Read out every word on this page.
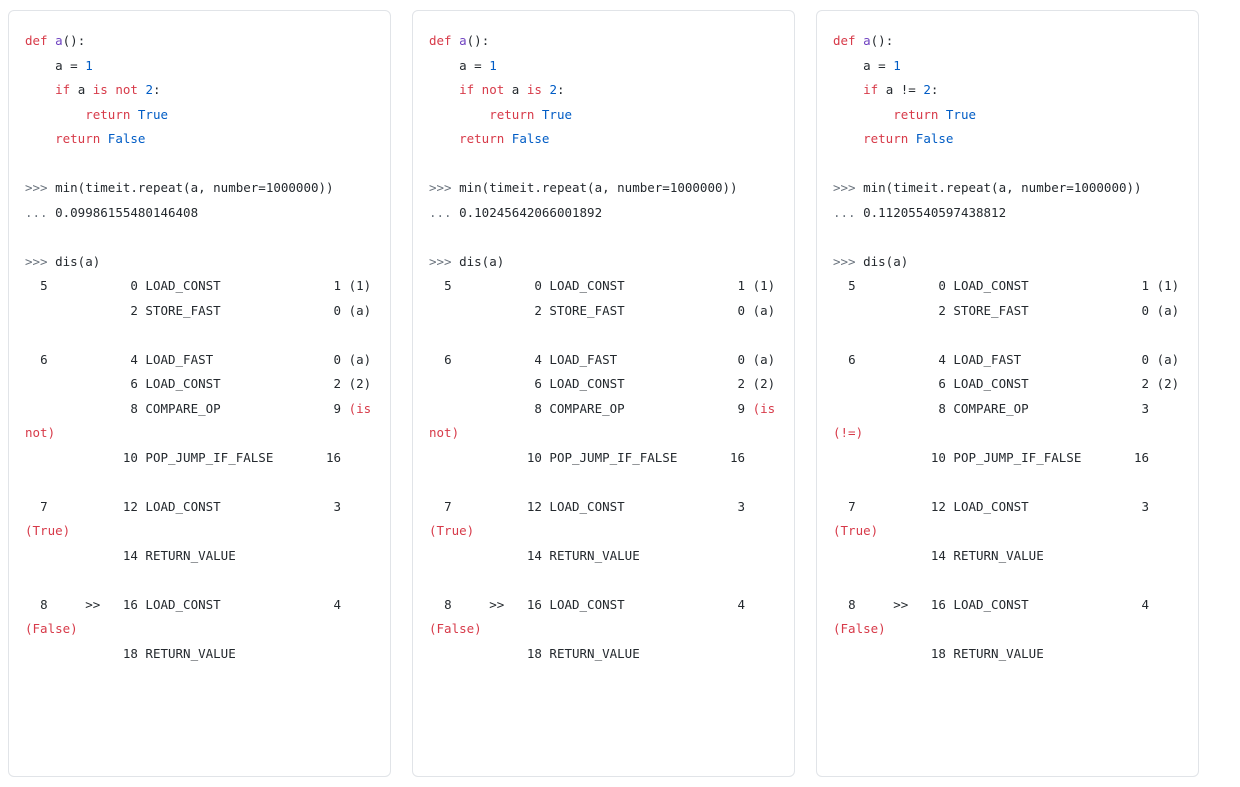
def a():
a = 1
if a is not 2:
return True
return False

>>> min(timeit.repeat(a, number=1000000))
... 0.09986155480146408

>>> dis(a)
5           0 LOAD_CONST               1 (1)
2 STORE_FAST               0 (a)

6           4 LOAD_FAST                0 (a)
6 LOAD_CONST               2 (2)
8 COMPARE_OP               9 (is not)
10 POP_JUMP_IF_FALSE       16

7          12 LOAD_CONST               3 (True)
14 RETURN_VALUE

8     >>   16 LOAD_CONST               4 (False)
18 RETURN_VALUE
def a():
a = 1
if not a is 2:
return True
return False

>>> min(timeit.repeat(a, number=1000000))
... 0.10245642066001892

>>> dis(a)
5           0 LOAD_CONST               1 (1)
2 STORE_FAST               0 (a)

6           4 LOAD_FAST                0 (a)
6 LOAD_CONST               2 (2)
8 COMPARE_OP               9 (is not)
10 POP_JUMP_IF_FALSE       16

7          12 LOAD_CONST               3 (True)
14 RETURN_VALUE

8     >>   16 LOAD_CONST               4 (False)
18 RETURN_VALUE
def a():
a = 1
if a != 2:
return True
return False

>>> min(timeit.repeat(a, number=1000000))
... 0.11205540597438812

>>> dis(a)
5           0 LOAD_CONST               1 (1)
2 STORE_FAST               0 (a)

6           4 LOAD_FAST                0 (a)
6 LOAD_CONST               2 (2)
8 COMPARE_OP               3 (!=)
10 POP_JUMP_IF_FALSE       16

7          12 LOAD_CONST               3 (True)
14 RETURN_VALUE

8     >>   16 LOAD_CONST               4 (False)
18 RETURN_VALUE
